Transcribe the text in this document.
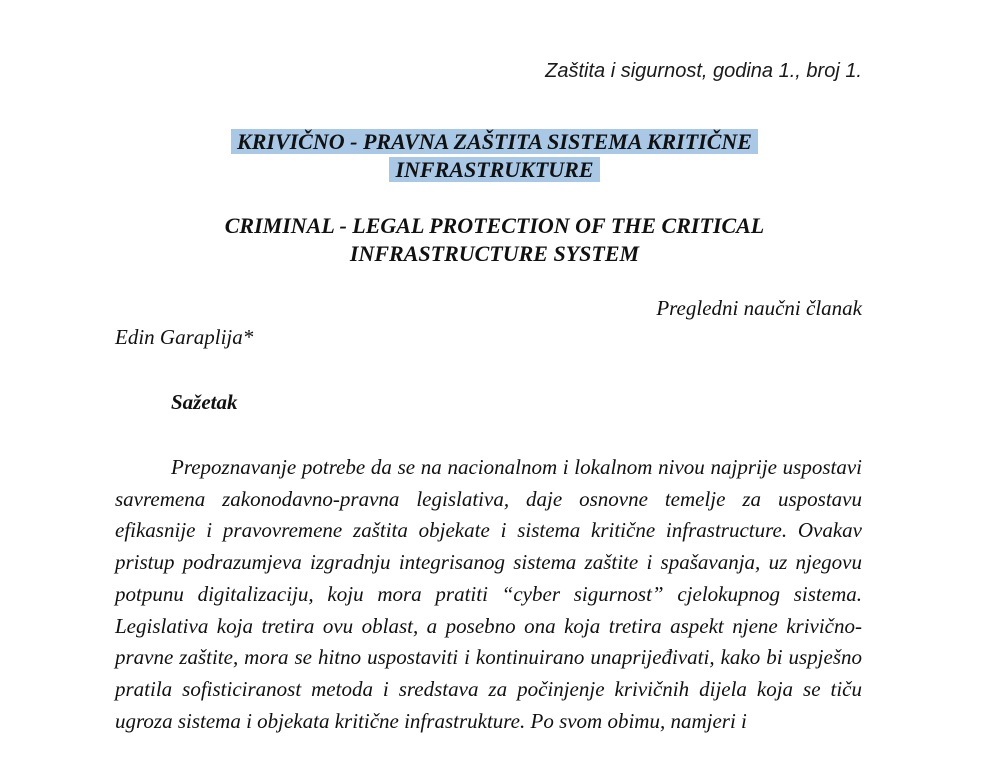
Zaštita i sigurnost, godina 1., broj 1.
KRIVIČNO - PRAVNA ZAŠTITA SISTEMA KRITIČNE
INFRASTRUKTURE
CRIMINAL - LEGAL PROTECTION OF THE CRITICAL
INFRASTRUCTURE SYSTEM
Pregledni naučni članak
Edin Garaplija*
Sažetak

Prepoznavanje potrebe da se na nacionalnom i lokalnom nivou najprije uspostavi savremena zakonodavno-pravna legislativa, daje osnovne temelje za uspostavu efikasnije i pravovremene zaštita objekate i sistema kritične infrastructure. Ovakav pristup podrazumjeva izgradnju integrisanog sistema zaštite i spašavanja, uz njegovu potpunu digitalizaciju, koju mora pratiti “cyber sigurnost” cjelokupnog sistema. Legislativa koja tretira ovu oblast, a posebno ona koja tretira aspekt njene krivično-pravne zaštite, mora se hitno uspostaviti i kontinuirano unaprijeđivati, kako bi uspješno pratila sofisticiranost metoda i sredstava za počinjenje krivičnih dijela koja se tiču ugroza sistema i objekata kritične infrastrukture. Po svom obimu, namjeri i
